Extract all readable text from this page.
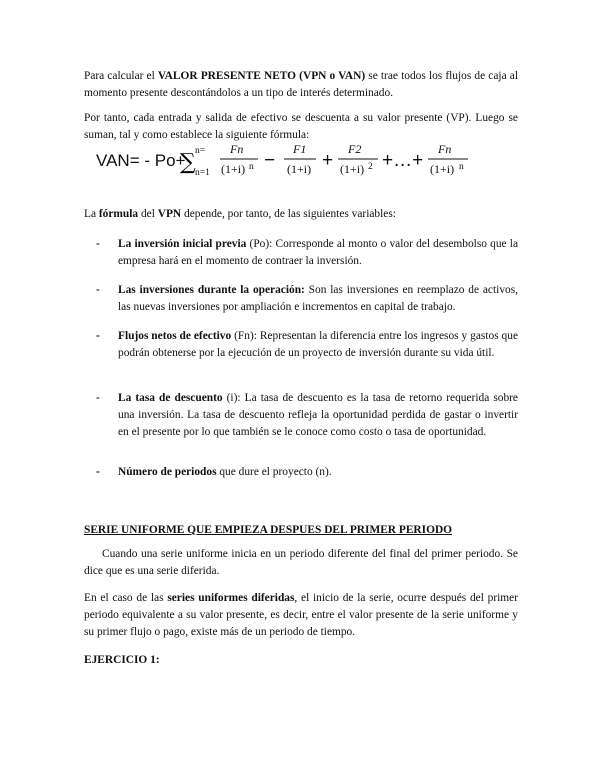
Para calcular el VALOR PRESENTE NETO (VPN o VAN) se trae todos los flujos de caja al momento presente descontándolos a un tipo de interés determinado.

Por tanto, cada entrada y salida de efectivo se descuenta a su valor presente (VP). Luego se suman, tal y como establece la siguiente fórmula:

VAN= - Po+
∑ n=
n=1
Fn
(1+i) n −
F1
(1+i) +
F2
(1+i) 2 +…+
Fn
(1+i) n

La fórmula del VPN depende, por tanto, de las siguientes variables:

- La inversión inicial previa (Po): Corresponde al monto o valor del desembolso que la empresa hará en el momento de contraer la inversión.
- Las inversiones durante la operación: Son las inversiones en reemplazo de activos, las nuevas inversiones por ampliación e incrementos en capital de trabajo.
- Flujos netos de efectivo (Fn): Representan la diferencia entre los ingresos y gastos que podrán obtenerse por la ejecución de un proyecto de inversión durante su vida útil.
- La tasa de descuento (i): La tasa de descuento es la tasa de retorno requerida sobre una inversión. La tasa de descuento refleja la oportunidad perdida de gastar o invertir en el presente por lo que también se le conoce como costo o tasa de oportunidad.
- Número de periodos que dure el proyecto (n).

SERIE UNIFORME QUE EMPIEZA DESPUES DEL PRIMER PERIODO

Cuando una serie uniforme inicia en un periodo diferente del final del primer periodo. Se dice que es una serie diferida.

En el caso de las series uniformes diferidas, el inicio de la serie, ocurre después del primer periodo equivalente a su valor presente, es decir, entre el valor presente de la serie uniforme y su primer flujo o pago, existe más de un periodo de tiempo.

EJERCICIO 1:
